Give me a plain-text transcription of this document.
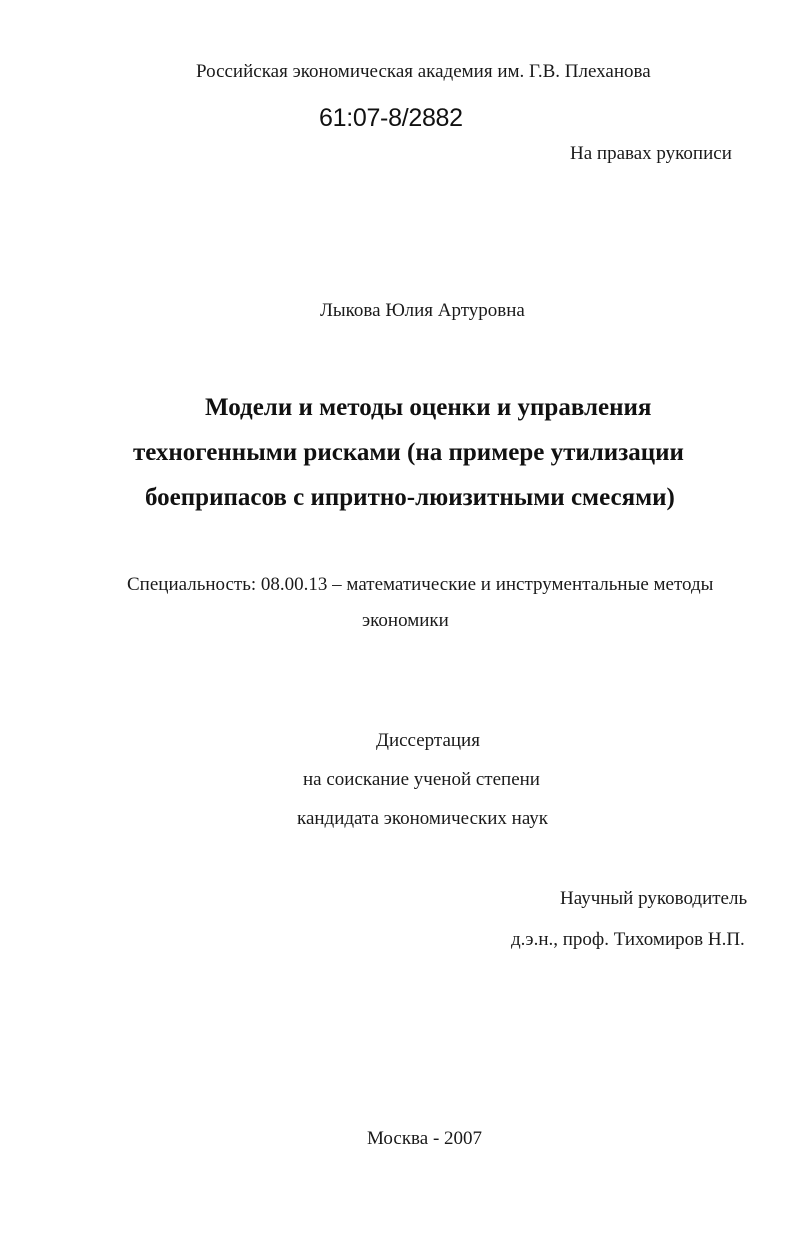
Российская экономическая академия им. Г.В. Плеханова
61:07-8/2882
На правах рукописи
Лыкова Юлия Артуровна
Модели и методы оценки и управления
техногенными рисками (на примере утилизации
боеприпасов с ипритно-люизитными смесями)
Специальность: 08.00.13 – математические и инструментальные методы
экономики
Диссертация
на соискание ученой степени
кандидата экономических наук
Научный руководитель
д.э.н., проф. Тихомиров Н.П.
Москва - 2007
